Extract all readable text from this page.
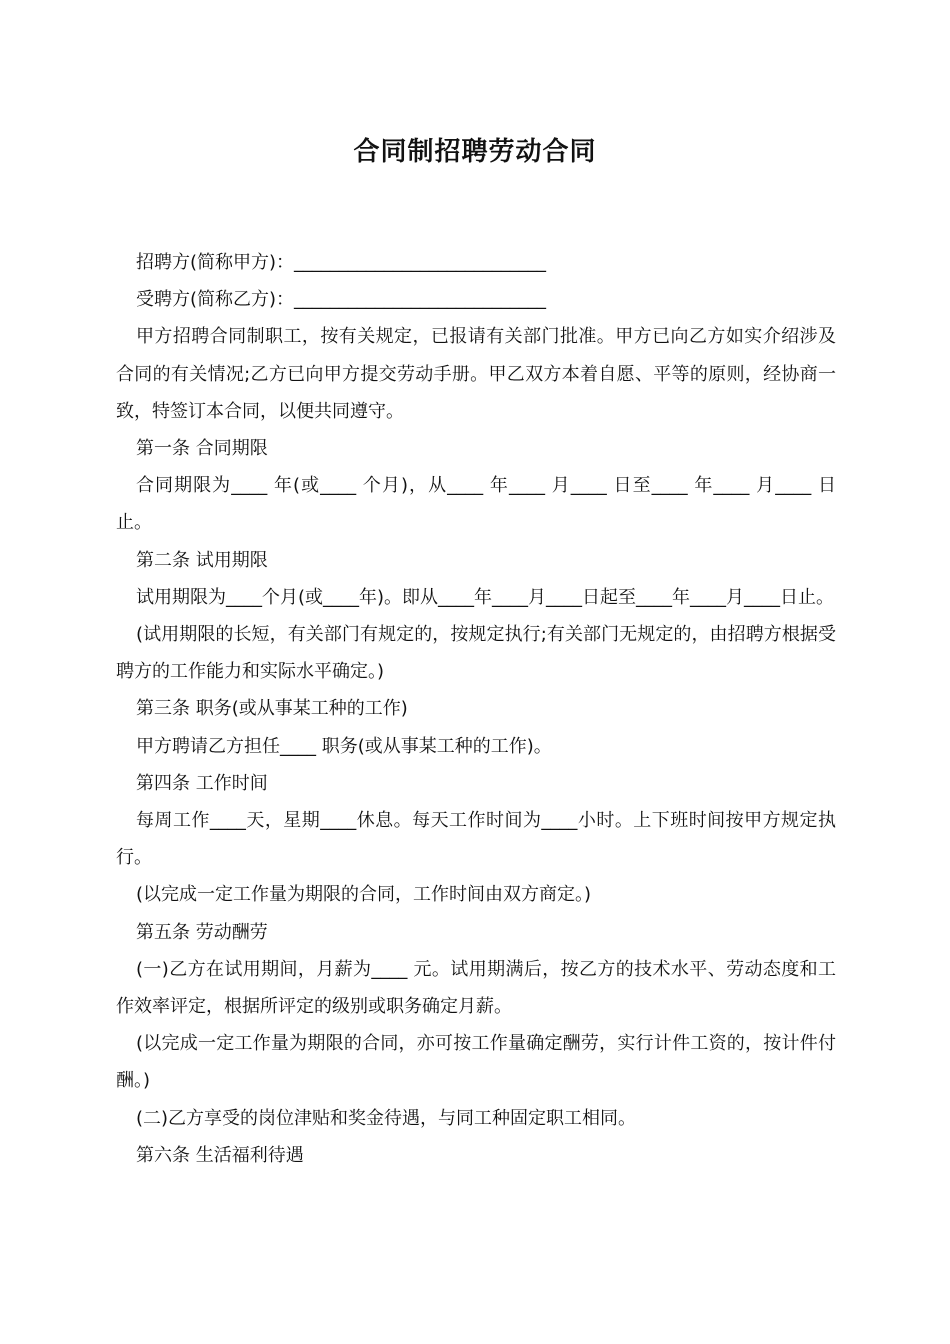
合同制招聘劳动合同

招聘方(简称甲方)：____________________________

受聘方(简称乙方)：____________________________

甲方招聘合同制职工，按有关规定，已报请有关部门批准。甲方已向乙方如实介绍涉及合同的有关情况;乙方已向甲方提交劳动手册。甲乙双方本着自愿、平等的原则，经协商一致，特签订本合同，以便共同遵守。

第一条 合同期限

合同期限为____ 年(或____ 个月)，从____ 年____ 月____ 日至____ 年____ 月____ 日止。

第二条 试用期限

试用期限为____个月(或____年)。即从____年____月____日起至____年____月____日止。

(试用期限的长短，有关部门有规定的，按规定执行;有关部门无规定的，由招聘方根据受聘方的工作能力和实际水平确定。)

第三条 职务(或从事某工种的工作)

甲方聘请乙方担任____ 职务(或从事某工种的工作)。

第四条 工作时间

每周工作____天，星期____休息。每天工作时间为____小时。上下班时间按甲方规定执行。

(以完成一定工作量为期限的合同，工作时间由双方商定。)

第五条 劳动酬劳

(一)乙方在试用期间，月薪为____ 元。试用期满后，按乙方的技术水平、劳动态度和工作效率评定，根据所评定的级别或职务确定月薪。

(以完成一定工作量为期限的合同，亦可按工作量确定酬劳，实行计件工资的，按计件付酬。)

(二)乙方享受的岗位津贴和奖金待遇，与同工种固定职工相同。

第六条 生活福利待遇
